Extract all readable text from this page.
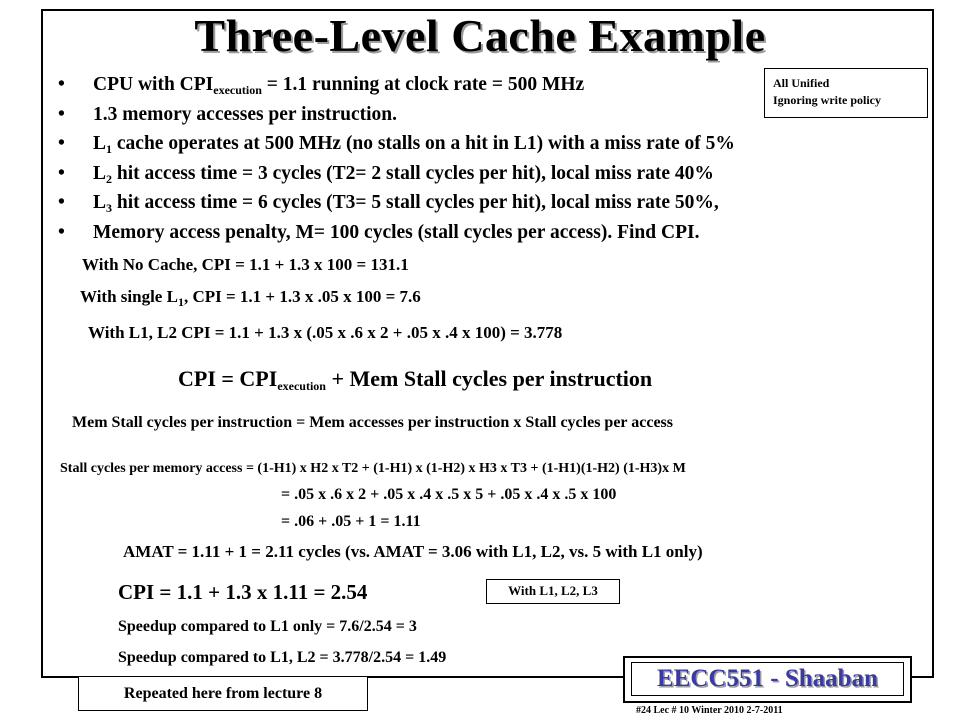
Three-Level Cache Example
• CPU with $CPI_{execution} = 1.1$ running at clock rate = 500 MHz
• 1.3 memory accesses per instruction.
• $L_1$ cache operates at 500 MHz (no stalls on a hit in L1) with a miss rate of 5%
• $L_2$ hit access time = 3 cycles (T2= 2 stall cycles per hit), local miss rate 40%
• $L_3$ hit access time = 6 cycles (T3= 5 stall cycles per hit), local miss rate 50%,
• Memory access penalty, M= 100 cycles (stall cycles per access). Find CPI.
All Unified
Ignoring write policy
With No Cache, CPI = 1.1 + 1.3 x 100 = 131.1
With single $L_1$, CPI = 1.1 + 1.3 x .05 x 100 = 7.6
With L1, L2 CPI = 1.1 + 1.3 x (.05 x .6 x 2 + .05 x .4 x 100) = 3.778
CPI = $CPI_{execution}$ + Mem Stall cycles per instruction
Mem Stall cycles per instruction = Mem accesses per instruction x Stall cycles per access
Stall cycles per memory access = (1-H1) x H2 x T2 + (1-H1) x (1-H2) x H3 x T3 + (1-H1)(1-H2) (1-H3)x M
= .05 x .6 x 2 + .05 x .4 x .5 x 5 + .05 x .4 x .5 x 100
= .06 + .05 + 1 = 1.11
AMAT = 1.11 + 1 = 2.11 cycles (vs. AMAT = 3.06 with L1, L2, vs. 5 with L1 only)
CPI = 1.1 + 1.3 x 1.11 = 2.54	With L1, L2, L3
Speedup compared to L1 only = 7.6/2.54 = 3
Speedup compared to L1, L2 = 3.778/2.54 = 1.49
Repeated here from lecture 8
EECC551 - Shaaban
#24 Lec # 10 Winter 2010 2-7-2011
